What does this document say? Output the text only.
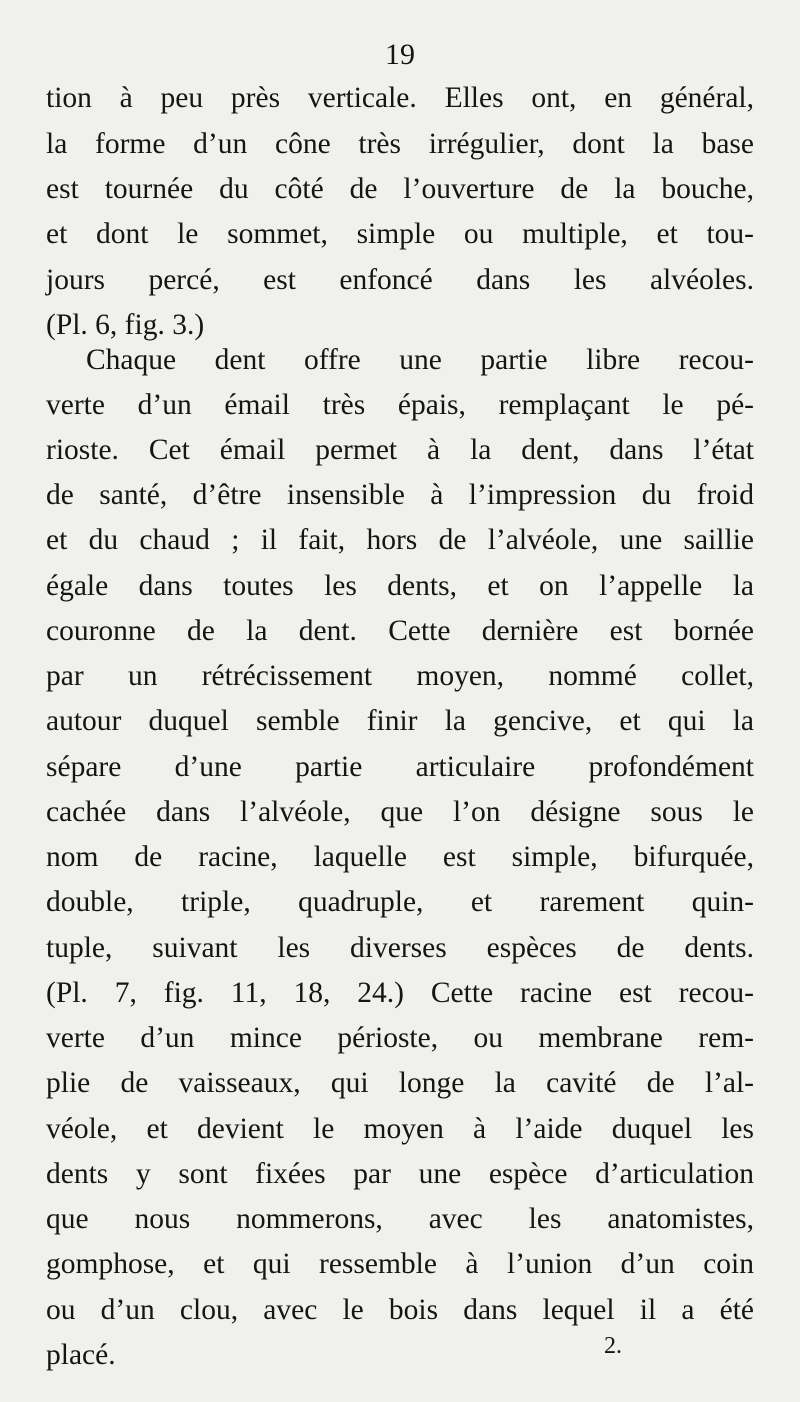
19
tion à peu près verticale. Elles ont, en général,
la forme d’un cône très irrégulier, dont la base
est tournée du côté de l’ouverture de la bouche,
et dont le sommet, simple ou multiple, et tou-
jours percé, est enfoncé dans les alvéoles.
(Pl. 6, fig. 3.)
Chaque dent offre une partie libre recou-
verte d’un émail très épais, remplaçant le pé-
rioste. Cet émail permet à la dent, dans l’état
de santé, d’être insensible à l’impression du froid
et du chaud ; il fait, hors de l’alvéole, une saillie
égale dans toutes les dents, et on l’appelle la
couronne de la dent. Cette dernière est bornée
par un rétrécissement moyen, nommé collet,
autour duquel semble finir la gencive, et qui la
sépare d’une partie articulaire profondément
cachée dans l’alvéole, que l’on désigne sous le
nom de racine, laquelle est simple, bifurquée,
double, triple, quadruple, et rarement quin-
tuple, suivant les diverses espèces de dents.
(Pl. 7, fig. 11, 18, 24.) Cette racine est recou-
verte d’un mince périoste, ou membrane rem-
plie de vaisseaux, qui longe la cavité de l’al-
véole, et devient le moyen à l’aide duquel les
dents y sont fixées par une espèce d’articulation
que nous nommerons, avec les anatomistes,
gomphose, et qui ressemble à l’union d’un coin
ou d’un clou, avec le bois dans lequel il a été
placé.	2.
